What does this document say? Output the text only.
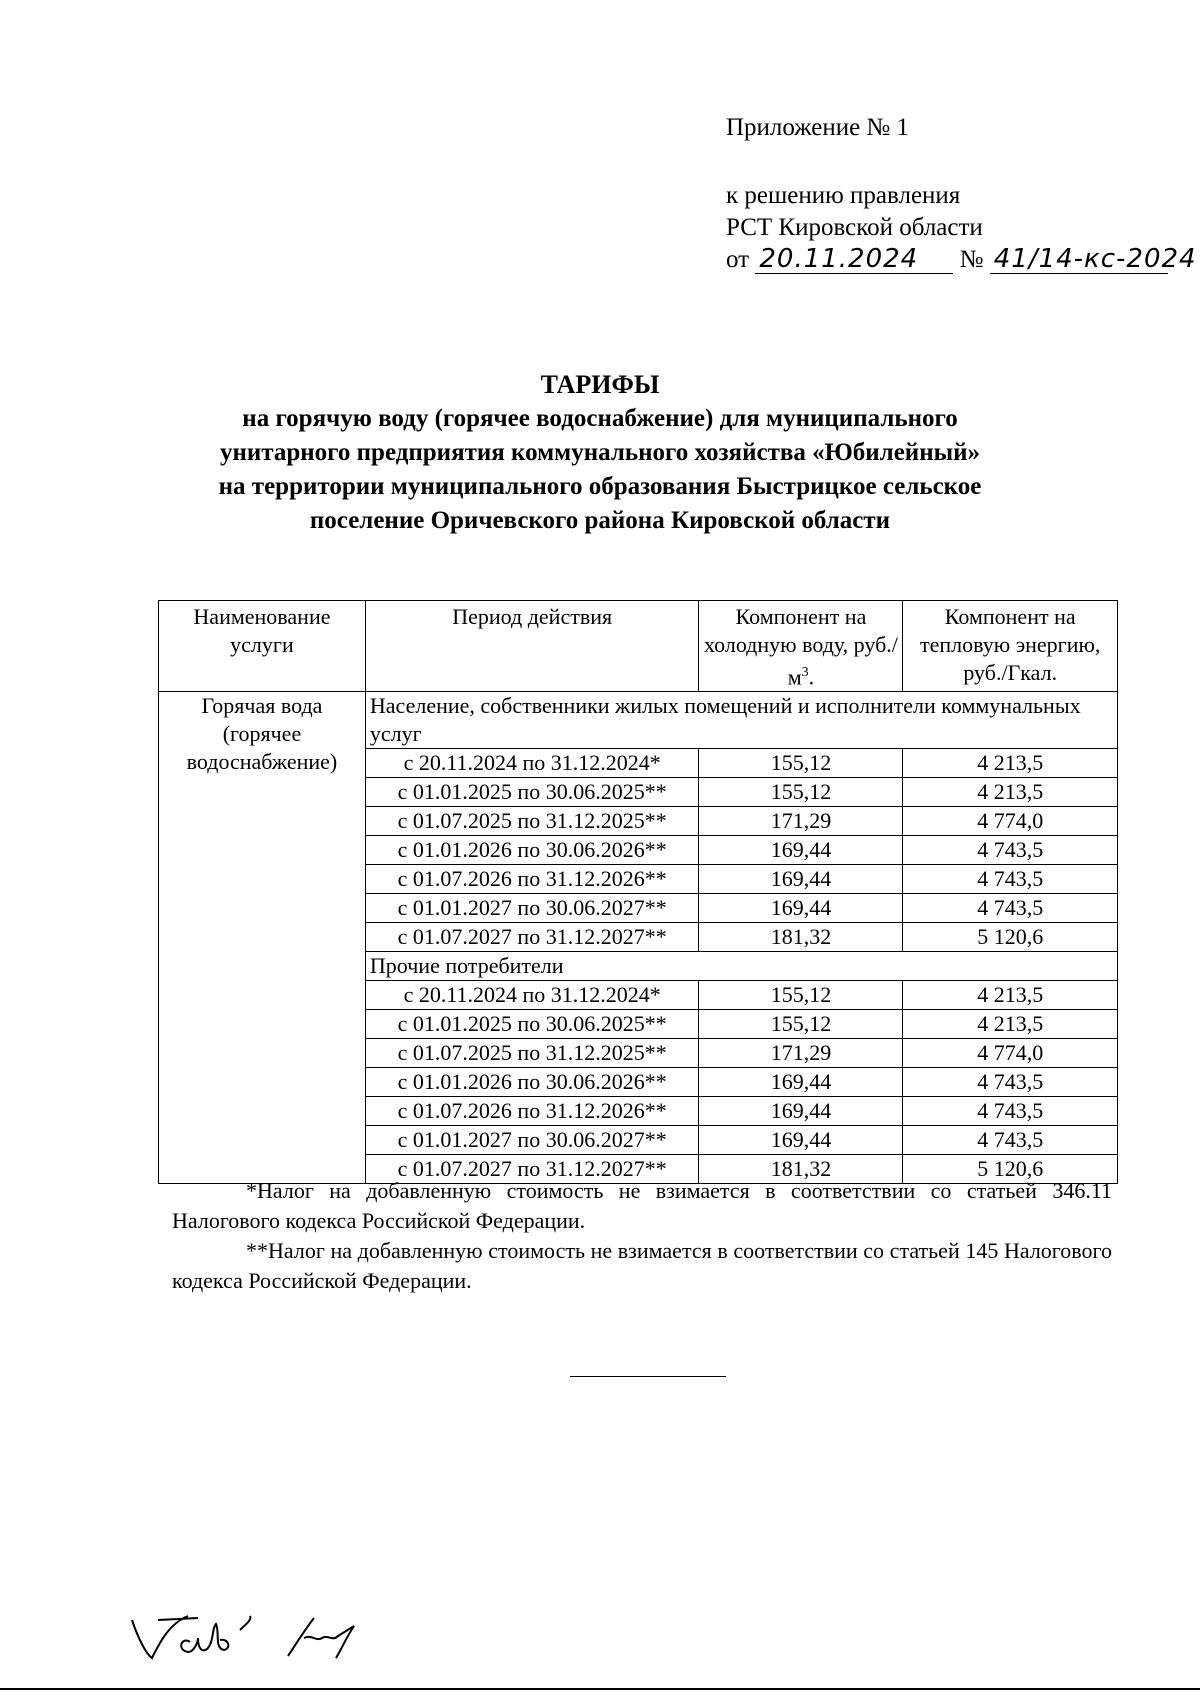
Приложение № 1
к решению правления
РСТ Кировской области
от 20.11.2024 № 41/14-кс-2024
ТАРИФЫ
на горячую воду (горячее водоснабжение) для муниципального
унитарного предприятия коммунального хозяйства «Юбилейный»
на территории муниципального образования Быстрицкое сельское
поселение Оричевского района Кировской области
Наименование услуги	Период действия	Компонент на холодную воду, $руб./м^3$.	Компонент на тепловую энергию, руб./Гкал.
Горячая вода (горячее водоснабжение)	Население, собственники жилых помещений и исполнители коммунальных услуг		
	с 20.11.2024 по 31.12.2024*	155,12	4 213,5
	с 01.01.2025 по 30.06.2025**	155,12	4 213,5
	с 01.07.2025 по 31.12.2025**	171,29	4 774,0
	с 01.01.2026 по 30.06.2026**	169,44	4 743,5
	с 01.07.2026 по 31.12.2026**	169,44	4 743,5
	с 01.01.2027 по 30.06.2027**	169,44	4 743,5
	с 01.07.2027 по 31.12.2027**	181,32	5 120,6
	Прочие потребители		
	с 20.11.2024 по 31.12.2024*	155,12	4 213,5
	с 01.01.2025 по 30.06.2025**	155,12	4 213,5
	с 01.07.2025 по 31.12.2025**	171,29	4 774,0
	с 01.01.2026 по 30.06.2026**	169,44	4 743,5
	с 01.07.2026 по 31.12.2026**	169,44	4 743,5
	с 01.01.2027 по 30.06.2027**	169,44	4 743,5
	с 01.07.2027 по 31.12.2027**	181,32	5 120,6

*Налог на добавленную стоимость не взимается в соответствии со статьей 346.11 Налогового кодекса Российской Федерации.

**Налог на добавленную стоимость не взимается в соответствии со статьей 145 Налогового кодекса Российской Федерации.
